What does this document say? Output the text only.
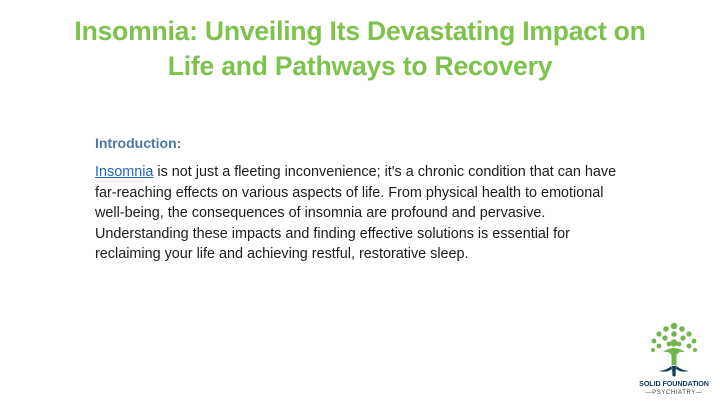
Insomnia: Unveiling Its Devastating Impact on Life and Pathways to Recovery

Introduction:

Insomnia is not just a fleeting inconvenience; it's a chronic condition that can have far-reaching effects on various aspects of life. From physical health to emotional well-being, the consequences of insomnia are profound and pervasive. Understanding these impacts and finding effective solutions is essential for reclaiming your life and achieving restful, restorative sleep.

SOLID FOUNDATION
—PSYCHIATRY—
